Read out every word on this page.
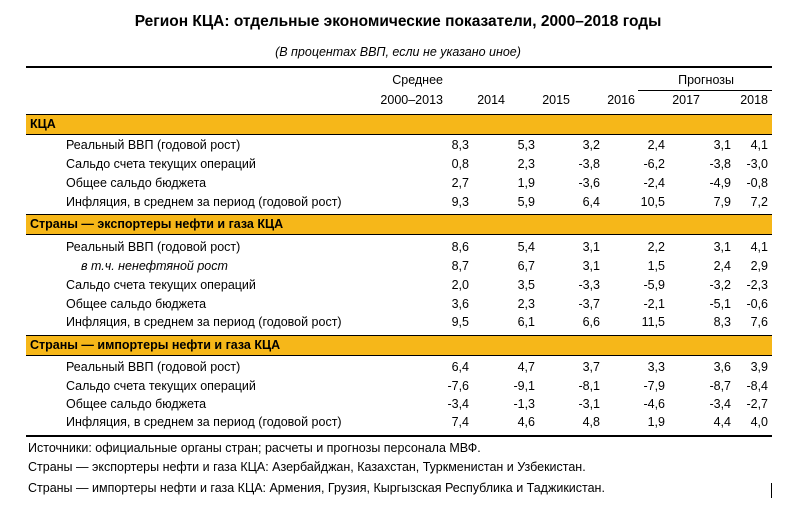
Регион КЦА: отдельные экономические показатели, 2000–2018 годы
(В процентах ВВП, если не указано иное)
Среднее	Прогнозы
2000–2013	2014	2015	2016	2017	2018
КЦА
Реальный ВВП (годовой рост)	8,3	5,3	3,2	2,4	3,1	4,1
Сальдо счета текущих операций	0,8	2,3	-3,8	-6,2	-3,8	-3,0
Общее сальдо бюджета	2,7	1,9	-3,6	-2,4	-4,9	-0,8
Инфляция, в среднем за период (годовой рост)	9,3	5,9	6,4	10,5	7,9	7,2
Страны — экспортеры нефти и газа КЦА
Реальный ВВП (годовой рост)	8,6	5,4	3,1	2,2	3,1	4,1
в т.ч. ненефтяной рост	8,7	6,7	3,1	1,5	2,4	2,9
Сальдо счета текущих операций	2,0	3,5	-3,3	-5,9	-3,2	-2,3
Общее сальдо бюджета	3,6	2,3	-3,7	-2,1	-5,1	-0,6
Инфляция, в среднем за период (годовой рост)	9,5	6,1	6,6	11,5	8,3	7,6
Страны — импортеры нефти и газа КЦА
Реальный ВВП (годовой рост)	6,4	4,7	3,7	3,3	3,6	3,9
Сальдо счета текущих операций	-7,6	-9,1	-8,1	-7,9	-8,7	-8,4
Общее сальдо бюджета	-3,4	-1,3	-3,1	-4,6	-3,4	-2,7
Инфляция, в среднем за период (годовой рост)	7,4	4,6	4,8	1,9	4,4	4,0
Источники: официальные органы стран; расчеты и прогнозы персонала МВФ.
Страны — экспортеры нефти и газа КЦА: Азербайджан, Казахстан, Туркменистан и Узбекистан.
Страны — импортеры нефти и газа КЦА: Армения, Грузия, Кыргызская Республика и Таджикистан.
